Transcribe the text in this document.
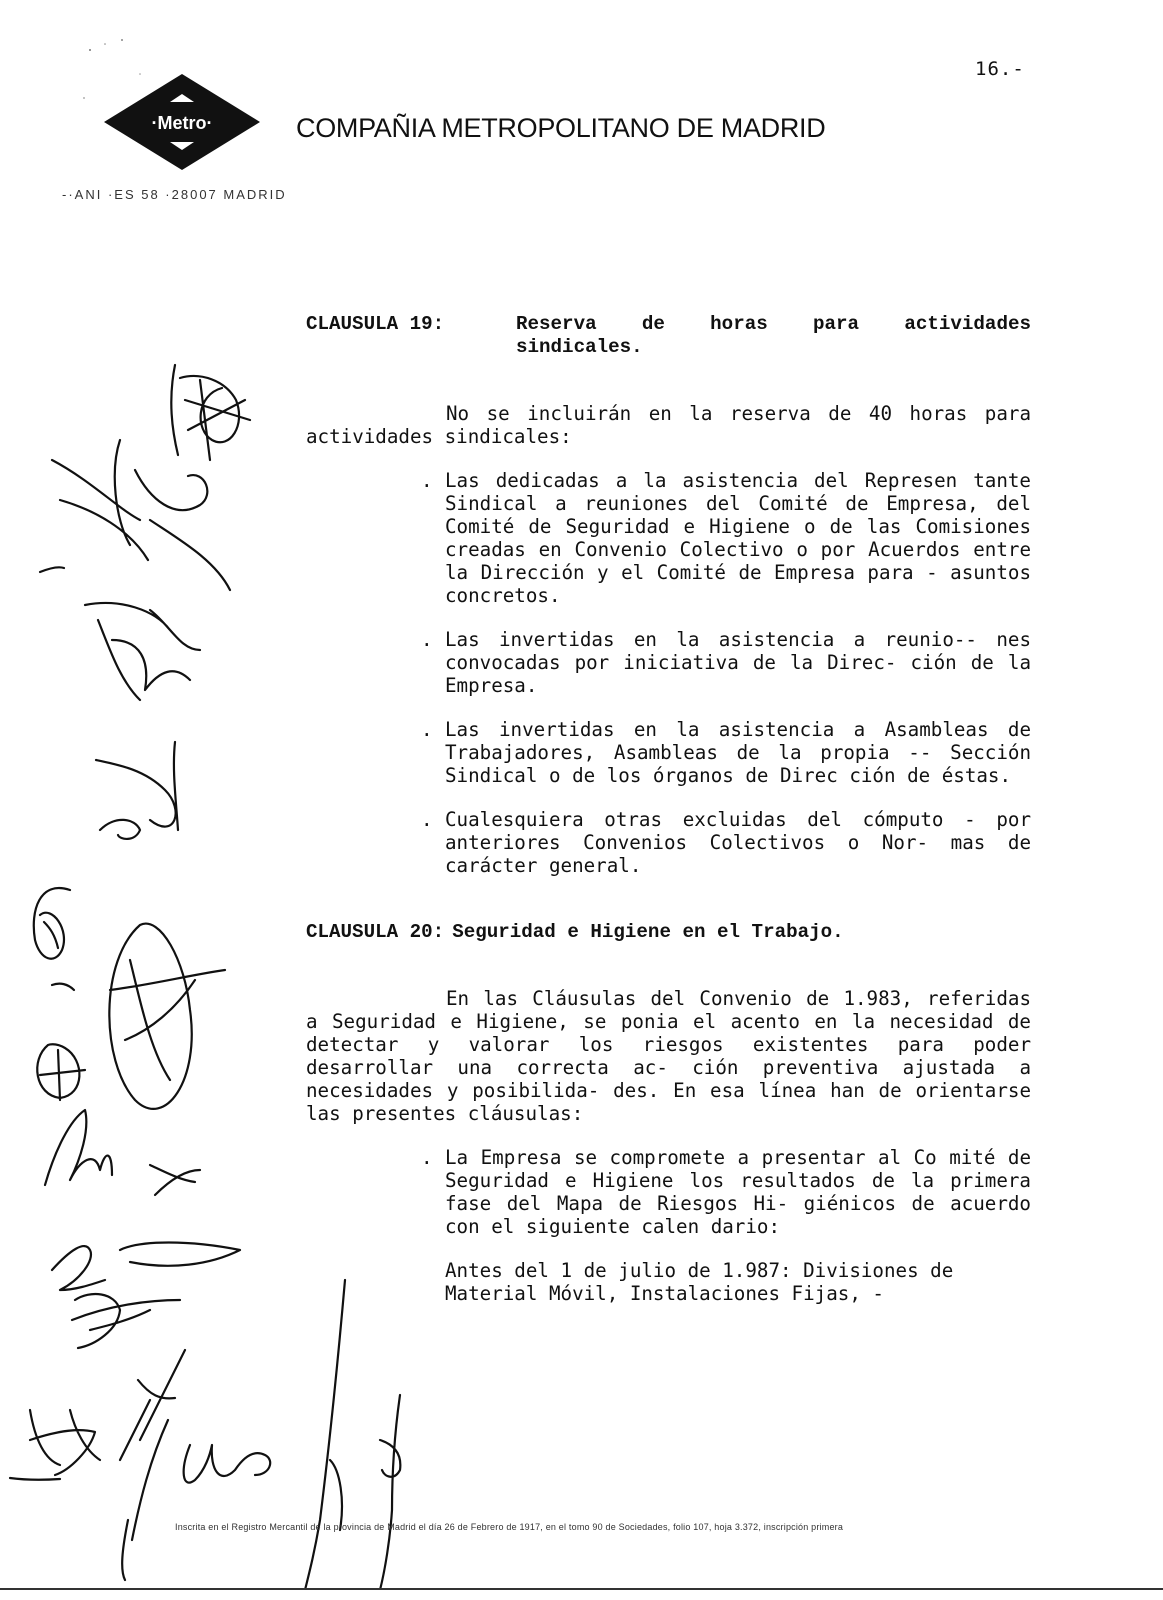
16.-
·Metro·	COMPAÑIA METROPOLITANO DE MADRID
-·ANI ·ES 58 ·28007 MADRID
CLAUSULA 19:	Reserva de horas para actividades sindicales.

No se incluirán en la reserva de 40 horas para actividades sindicales:

. Las dedicadas a la asistencia del Represen tante Sindical a reuniones del Comité de Empresa, del Comité de Seguridad e Higiene o de las Comisiones creadas en Convenio Colectivo o por Acuerdos entre la Dirección y el Comité de Empresa para - asuntos concretos.
. Las invertidas en la asistencia a reunio-- nes convocadas por iniciativa de la Direc- ción de la Empresa.
. Las invertidas en la asistencia a Asambleas de Trabajadores, Asambleas de la propia -- Sección Sindical o de los órganos de Direc ción de éstas.
. Cualesquiera otras excluidas del cómputo - por anteriores Convenios Colectivos o Nor- mas de carácter general.
CLAUSULA 20: Seguridad e Higiene en el Trabajo.

En las Cláusulas del Convenio de 1.983, referidas a Seguridad e Higiene, se ponia el acento en la necesidad de detectar y valorar los riesgos existentes para poder desarrollar una correcta ac- ción preventiva ajustada a necesidades y posibilida- des. En esa línea han de orientarse las presentes cláusulas:

. La Empresa se compromete a presentar al Co mité de Seguridad e Higiene los resultados de la primera fase del Mapa de Riesgos Hi- giénicos de acuerdo con el siguiente calen dario:

Antes del 1 de julio de 1.987: Divisiones de Material Móvil, Instalaciones Fijas, -

Inscrita en el Registro Mercantil de la provincia de Madrid el día 26 de Febrero de 1917, en el tomo 90 de Sociedades, folio 107, hoja 3.372, inscripción primera
